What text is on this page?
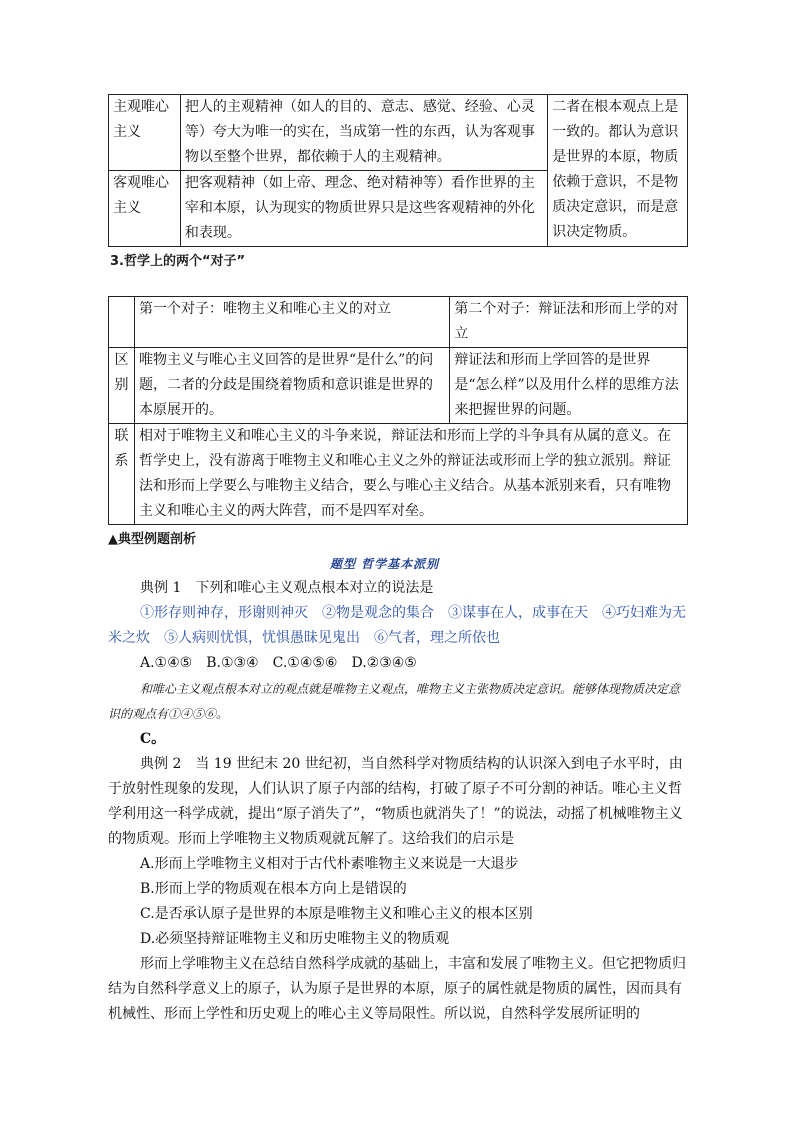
主观唯心主义	把人的主观精神（如人的目的、意志、感觉、经验、心灵等）夸大为唯一的实在，当成第一性的东西，认为客观事物以至整个世界，都依赖于人的主观精神。	二者在根本观点上是一致的。都认为意识是世界的本原，物质依赖于意识，不是物质决定意识，而是意识决定物质。
客观唯心主义	把客观精神（如上帝、理念、绝对精神等）看作世界的主宰和本原，认为现实的物质世界只是这些客观精神的外化和表现。	
3.哲学上的两个“对子”
	第一个对子：唯物主义和唯心主义的对立	第二个对子：辩证法和形而上学的对立
区别	唯物主义与唯心主义回答的是世界“是什么”的问题，二者的分歧是围绕着物质和意识谁是世界的本原展开的。	辩证法和形而上学回答的是世界是“怎么样”以及用什么样的思维方法来把握世界的问题。
联系	相对于唯物主义和唯心主义的斗争来说，辩证法和形而上学的斗争具有从属的意义。在哲学史上，没有游离于唯物主义和唯心主义之外的辩证法或形而上学的独立派别。辩证法和形而上学要么与唯物主义结合，要么与唯心主义结合。从基本派别来看，只有唯物主义和唯心主义的两大阵营，而不是四军对垒。	
▲典型例题剖析
题型 哲学基本派别
典例 1　下列和唯心主义观点根本对立的说法是
①形存则神存，形谢则神灭　②物是观念的集合　③谋事在人，成事在天　④巧妇难为无米之炊　⑤人病则忧惧，忧惧愚昧见鬼出　⑥气者，理之所依也
A.①④⑤　B.①③④　C.①④⑤⑥　D.②③④⑤
和唯心主义观点根本对立的观点就是唯物主义观点，唯物主义主张物质决定意识。能够体现物质决定意识的观点有①④⑤⑥。
C。
典例 2　当 19 世纪末 20 世纪初，当自然科学对物质结构的认识深入到电子水平时，由于放射性现象的发现，人们认识了原子内部的结构，打破了原子不可分割的神话。唯心主义哲学利用这一科学成就，提出“原子消失了”，“物质也就消失了！”的说法，动摇了机械唯物主义的物质观。形而上学唯物主义物质观就瓦解了。这给我们的启示是
A.形而上学唯物主义相对于古代朴素唯物主义来说是一大退步
B.形而上学的物质观在根本方向上是错误的
C.是否承认原子是世界的本原是唯物主义和唯心主义的根本区别
D.必须坚持辩证唯物主义和历史唯物主义的物质观
形而上学唯物主义在总结自然科学成就的基础上，丰富和发展了唯物主义。但它把物质归结为自然科学意义上的原子，认为原子是世界的本原，原子的属性就是物质的属性，因而具有机械性、形而上学性和历史观上的唯心主义等局限性。所以说，自然科学发展所证明的
